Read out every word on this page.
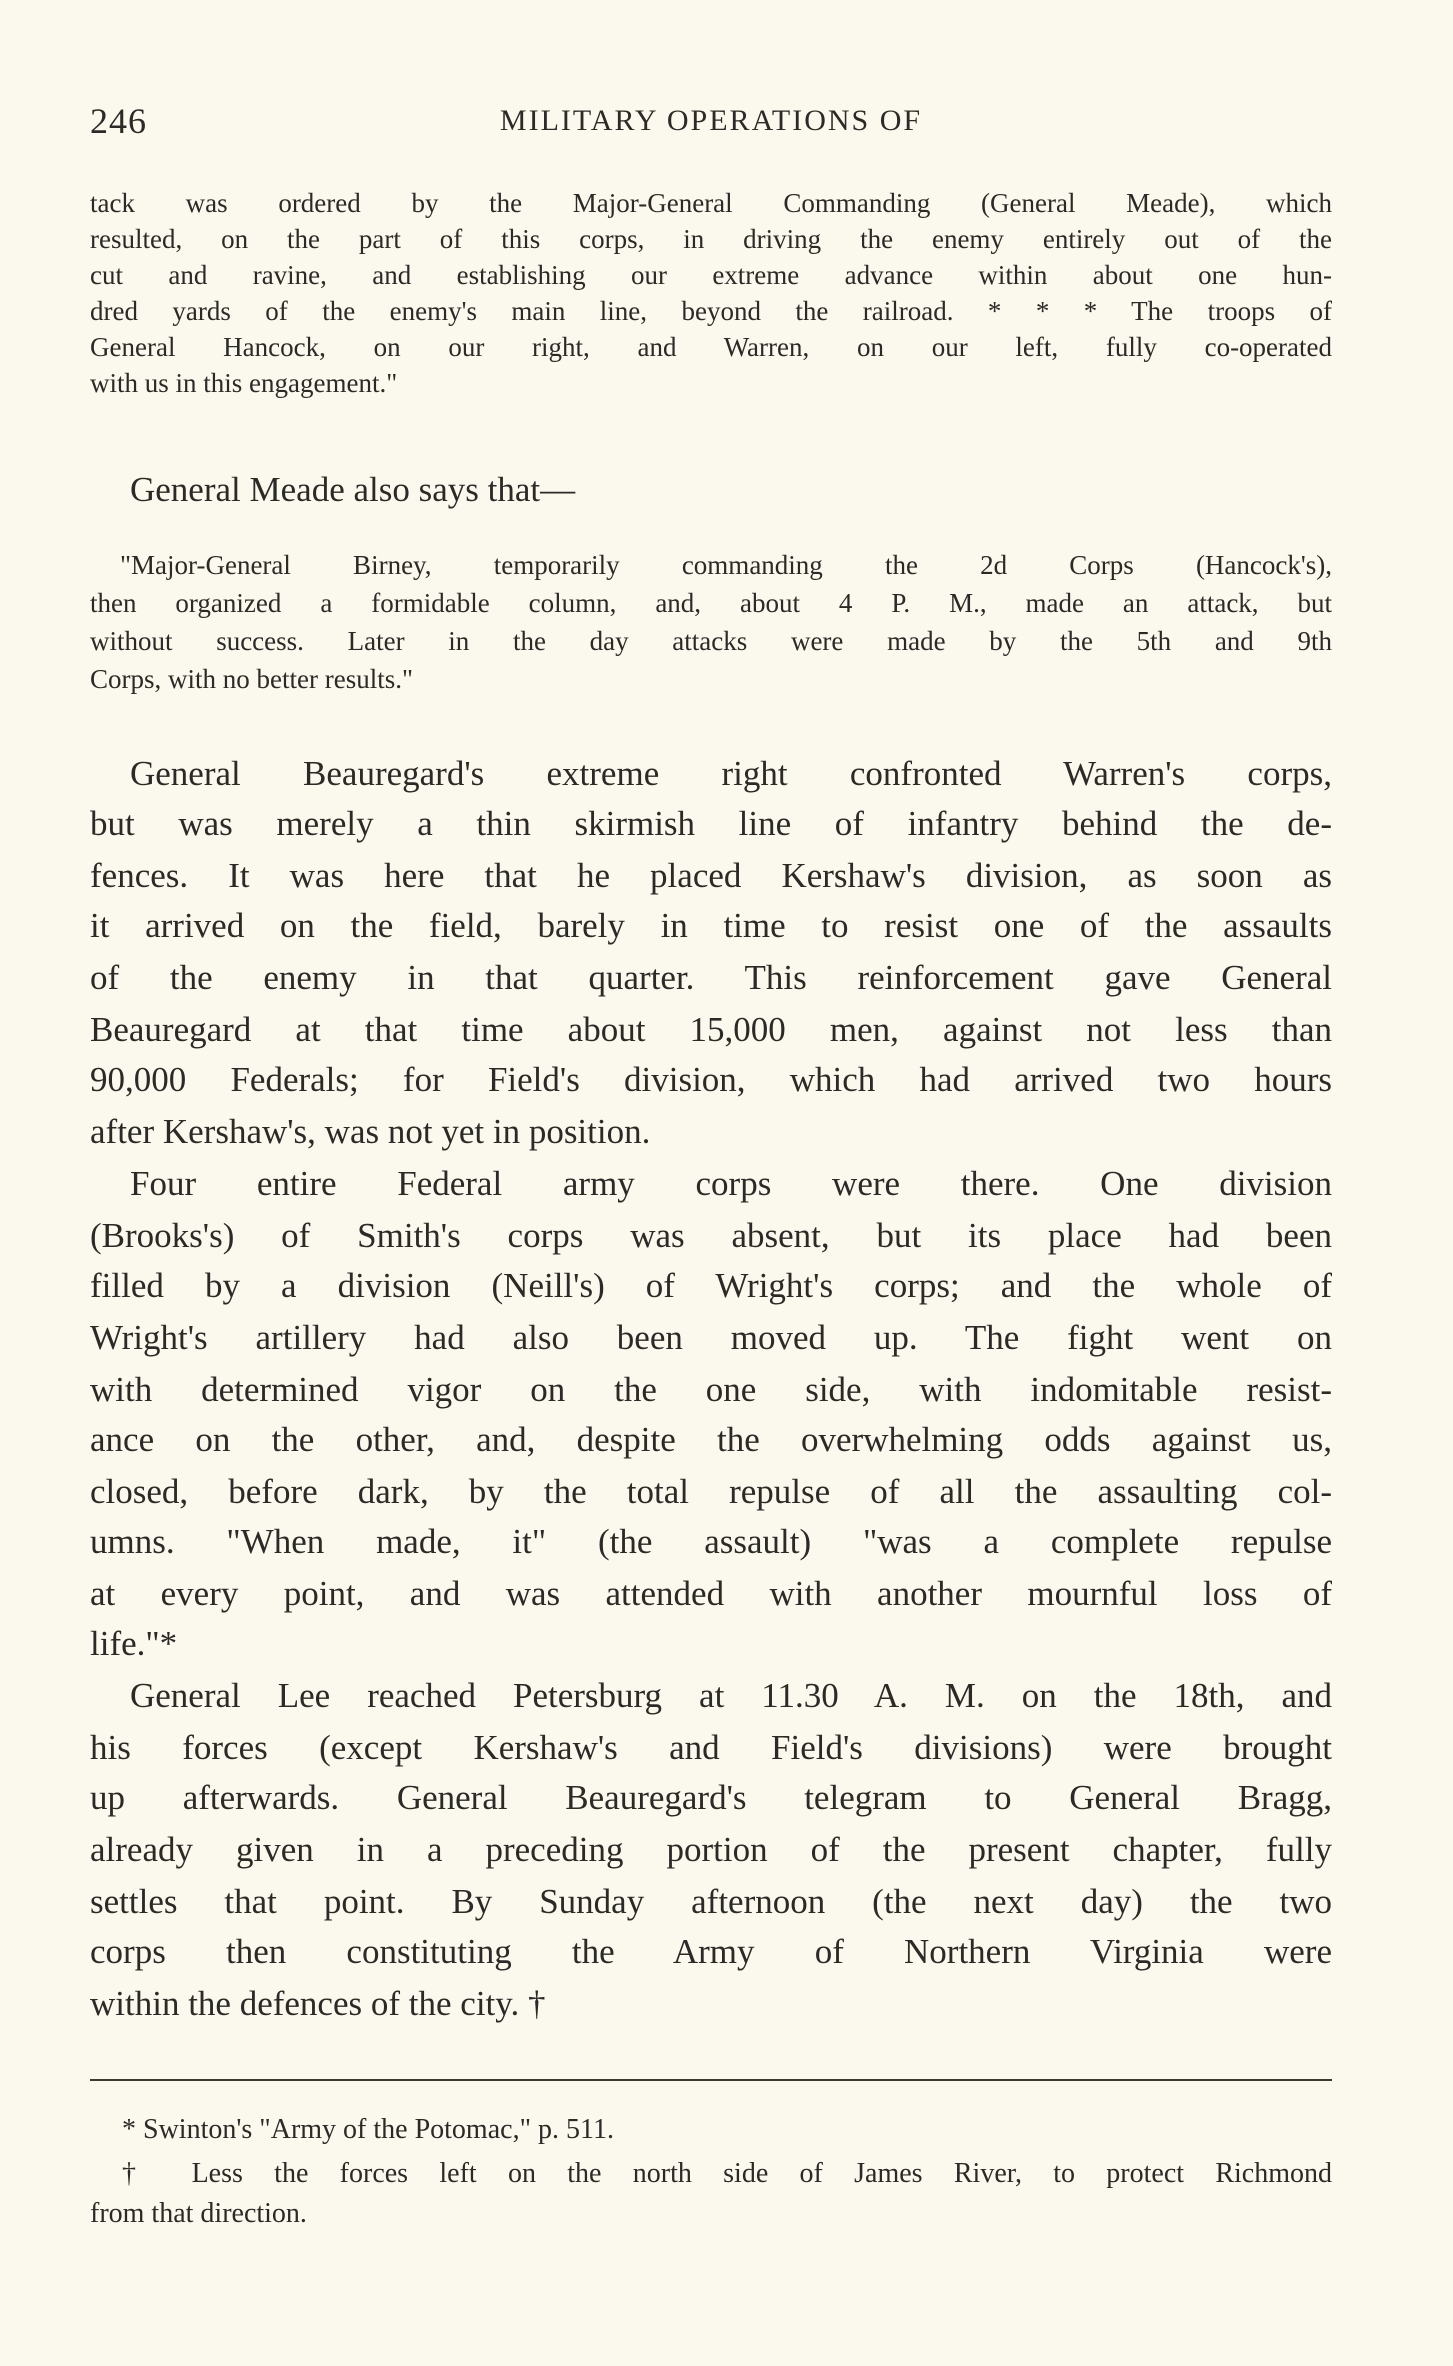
246	MILITARY OPERATIONS OF
tack was ordered by the Major-General Commanding (General Meade), which
resulted, on the part of this corps, in driving the enemy entirely out of the
cut and ravine, and establishing our extreme advance within about one hun-
dred yards of the enemy's main line, beyond the railroad. * * * The troops of
General Hancock, on our right, and Warren, on our left, fully co-operated
with us in this engagement."
General Meade also says that—
"Major-General Birney, temporarily commanding the 2d Corps (Hancock's),
then organized a formidable column, and, about 4 P. M., made an attack, but
without success. Later in the day attacks were made by the 5th and 9th
Corps, with no better results."
General Beauregard's extreme right confronted Warren's corps,
but was merely a thin skirmish line of infantry behind the de-
fences. It was here that he placed Kershaw's division, as soon as
it arrived on the field, barely in time to resist one of the assaults
of the enemy in that quarter. This reinforcement gave General
Beauregard at that time about 15,000 men, against not less than
90,000 Federals; for Field's division, which had arrived two hours
after Kershaw's, was not yet in position.
Four entire Federal army corps were there. One division
(Brooks's) of Smith's corps was absent, but its place had been
filled by a division (Neill's) of Wright's corps; and the whole of
Wright's artillery had also been moved up. The fight went on
with determined vigor on the one side, with indomitable resist-
ance on the other, and, despite the overwhelming odds against us,
closed, before dark, by the total repulse of all the assaulting col-
umns. "When made, it" (the assault) "was a complete repulse
at every point, and was attended with another mournful loss of
life."*
General Lee reached Petersburg at 11.30 A. M. on the 18th, and
his forces (except Kershaw's and Field's divisions) were brought
up afterwards. General Beauregard's telegram to General Bragg,
already given in a preceding portion of the present chapter, fully
settles that point. By Sunday afternoon (the next day) the two
corps then constituting the Army of Northern Virginia were
within the defences of the city. †
* Swinton's "Army of the Potomac," p. 511.
† Less the forces left on the north side of James River, to protect Richmond
from that direction.
